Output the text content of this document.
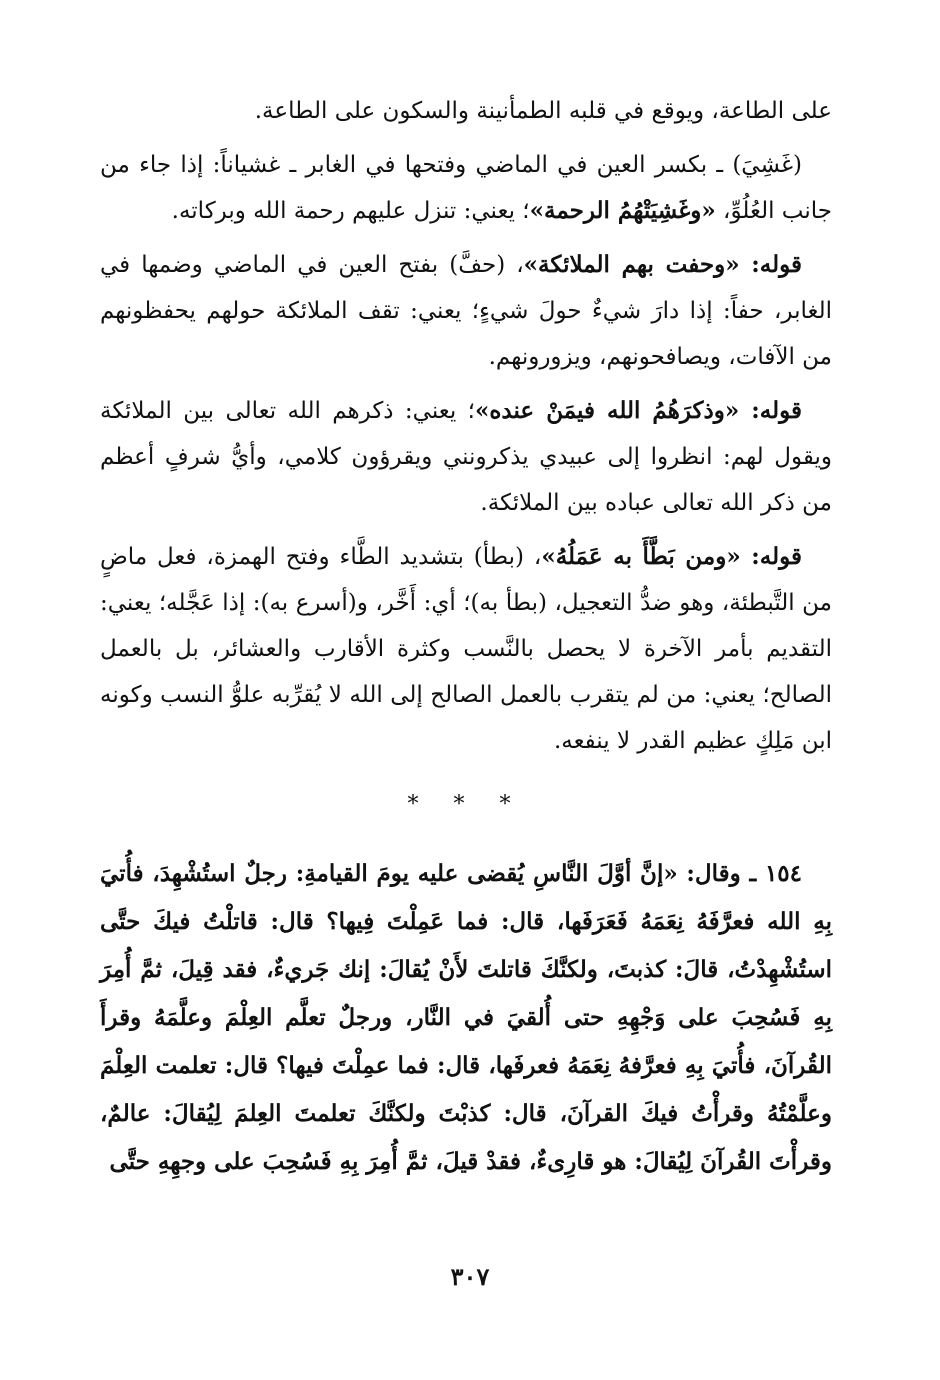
على الطاعة، ويوقع في قلبه الطمأنينة والسكون على الطاعة.

(غَشِيَ) ـ بكسر العين في الماضي وفتحها في الغابر ـ غشياناً: إذا جاء من جانب العُلُوِّ، «وغَشِيَتْهُمُ الرحمة»؛ يعني: تنزل عليهم رحمة الله وبركاته.

قوله: «وحفت بهم الملائكة»، (حفَّ) بفتح العين في الماضي وضمها في الغابر، حفاً: إذا دارَ شيءٌ حولَ شيءٍ؛ يعني: تقف الملائكة حولهم يحفظونهم من الآفات، ويصافحونهم، ويزورونهم.

قوله: «وذكرَهُمُ الله فيمَنْ عنده»؛ يعني: ذكرهم الله تعالى بين الملائكة ويقول لهم: انظروا إلى عبيدي يذكرونني ويقرؤون كلامي، وأيُّ شرفٍ أعظم من ذكر الله تعالى عباده بين الملائكة.

قوله: «ومن بَطَّأَ به عَمَلُهُ»، (بطأ) بتشديد الطَّاء وفتح الهمزة، فعل ماضٍ من التَّبطئة، وهو ضدُّ التعجيل، (بطأ به)؛ أي: أَخَّر، و(أسرع به): إذا عَجَّله؛ يعني: التقديم بأمر الآخرة لا يحصل بالنَّسب وكثرة الأقارب والعشائر، بل بالعمل الصالح؛ يعني: من لم يتقرب بالعمل الصالح إلى الله لا يُقرِّبه علوُّ النسب وكونه ابن مَلِكٍ عظيم القدر لا ينفعه.

* * *

١٥٤ ـ وقال: «إنَّ أوَّلَ النَّاسِ يُقضى عليه يومَ القيامةِ: رجلٌ استُشْهِدَ، فأُتيَ بِهِ الله فعرَّفَهُ نِعَمَهُ فَعَرَفَها، قال: فما عَمِلْتَ فِيها؟ قال: قاتلْتُ فيكَ حتَّى استُشْهِدْتُ، قالَ: كذبتَ، ولكنَّكَ قاتلتَ لأَنْ يُقالَ: إنك جَريءٌ، فقد قِيلَ، ثمَّ أُمِرَ بِهِ فَسُحِبَ على وَجْهِهِ حتى أُلقيَ في النَّار، ورجلٌ تعلَّم العِلْمَ وعلَّمَهُ وقرأَ القُرآنَ، فأُتيَ بِهِ فعرَّفهُ نِعَمَهُ فعرفَها، قال: فما عمِلْتَ فيها؟ قال: تعلمت العِلْمَ وعلَّمْتُهُ وقرأْتُ فيكَ القرآنَ، قال: كذبْتَ ولكنَّكَ تعلمتَ العِلمَ لِيُقالَ: عالمٌ، وقرأْتَ القُرآنَ لِيُقالَ: هو قارِىءٌ، فقدْ قيلَ، ثمَّ أُمِرَ بِهِ فَسُحِبَ على وجهِهِ حتَّى

٣٠٧
